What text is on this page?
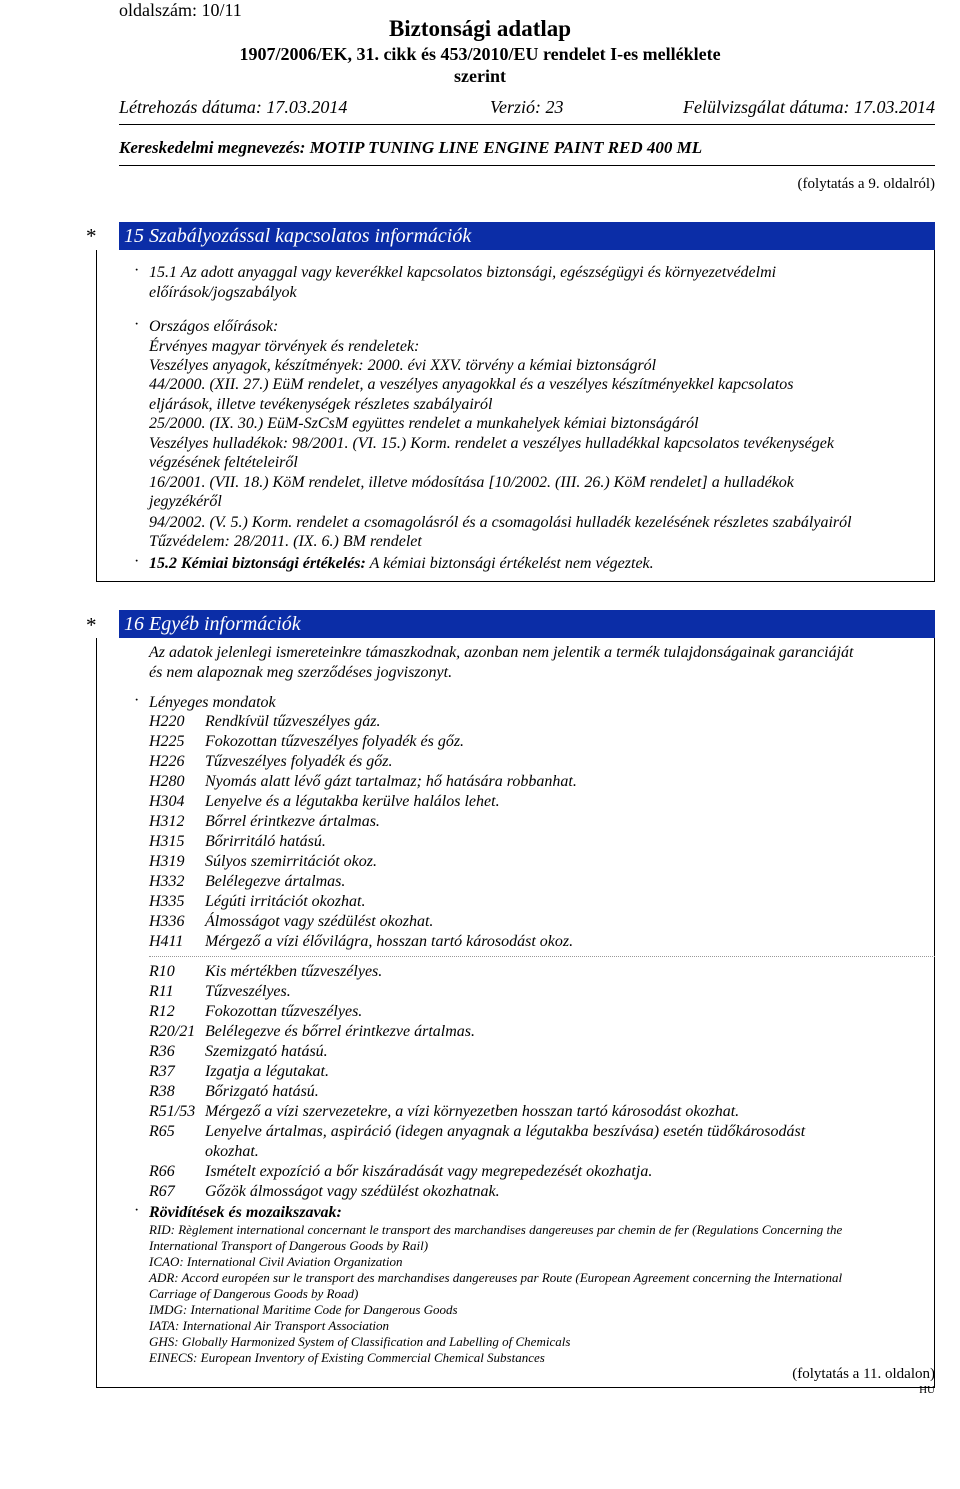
oldalszám: 10/11
Biztonsági adatlap
1907/2006/EK, 31. cikk és 453/2010/EU rendelet I-es melléklete
szerint
Létrehozás dátuma: 17.03.2014	Verzió: 23	Felülvizsgálat dátuma: 17.03.2014
Kereskedelmi megnevezés: MOTIP TUNING LINE ENGINE PAINT RED 400 ML
(folytatás a 9. oldalról)
* 15 Szabályozással kapcsolatos információk
· 15.1 Az adott anyaggal vagy keverékkel kapcsolatos biztonsági, egészségügyi és környezetvédelmi
előírások/jogszabályok
· Országos előírások:
Érvényes magyar törvények és rendeletek:
Veszélyes anyagok, készítmények: 2000. évi XXV. törvény a kémiai biztonságról
44/2000. (XII. 27.) EüM rendelet, a veszélyes anyagokkal és a veszélyes készítményekkel kapcsolatos
eljárások, illetve tevékenységek részletes szabályairól
25/2000. (IX. 30.) EüM-SzCsM együttes rendelet a munkahelyek kémiai biztonságáról
Veszélyes hulladékok: 98/2001. (VI. 15.) Korm. rendelet a veszélyes hulladékkal kapcsolatos tevékenységek
végzésének feltételeiről
16/2001. (VII. 18.) KöM rendelet, illetve módosítása [10/2002. (III. 26.) KöM rendelet] a hulladékok
jegyzékéről
94/2002. (V. 5.) Korm. rendelet a csomagolásról és a csomagolási hulladék kezelésének részletes szabályairól
Tűzvédelem: 28/2011. (IX. 6.) BM rendelet
· 15.2 Kémiai biztonsági értékelés: A kémiai biztonsági értékelést nem végeztek.
* 16 Egyéb információk
Az adatok jelenlegi ismereteinkre támaszkodnak, azonban nem jelentik a termék tulajdonságainak garanciáját
és nem alapoznak meg szerződéses jogviszonyt.
· Lényeges mondatok
H220 Rendkívül tűzveszélyes gáz.
H225 Fokozottan tűzveszélyes folyadék és gőz.
H226 Tűzveszélyes folyadék és gőz.
H280 Nyomás alatt lévő gázt tartalmaz; hő hatására robbanhat.
H304 Lenyelve és a légutakba kerülve halálos lehet.
H312 Bőrrel érintkezve ártalmas.
H315 Bőrirritáló hatású.
H319 Súlyos szemirritációt okoz.
H332 Belélegezve ártalmas.
H335 Légúti irritációt okozhat.
H336 Álmosságot vagy szédülést okozhat.
H411 Mérgező a vízi élővilágra, hosszan tartó károsodást okoz.
R10 Kis mértékben tűzveszélyes.
R11 Tűzveszélyes.
R12 Fokozottan tűzveszélyes.
R20/21 Belélegezve és bőrrel érintkezve ártalmas.
R36 Szemizgató hatású.
R37 Izgatja a légutakat.
R38 Bőrizgató hatású.
R51/53 Mérgező a vízi szervezetekre, a vízi környezetben hosszan tartó károsodást okozhat.
R65 Lenyelve ártalmas, aspiráció (idegen anyagnak a légutakba beszívása) esetén tüdőkárosodást
okozhat.
R66 Ismételt expozíció a bőr kiszáradását vagy megrepedezését okozhatja.
R67 Gőzök álmosságot vagy szédülést okozhatnak.
· Rövidítések és mozaikszavak:
RID: Règlement international concernant le transport des marchandises dangereuses par chemin de fer (Regulations Concerning the
International Transport of Dangerous Goods by Rail)
ICAO: International Civil Aviation Organization
ADR: Accord européen sur le transport des marchandises dangereuses par Route (European Agreement concerning the International
Carriage of Dangerous Goods by Road)
IMDG: International Maritime Code for Dangerous Goods
IATA: International Air Transport Association
GHS: Globally Harmonized System of Classification and Labelling of Chemicals
EINECS: European Inventory of Existing Commercial Chemical Substances
(folytatás a 11. oldalon)
HU
